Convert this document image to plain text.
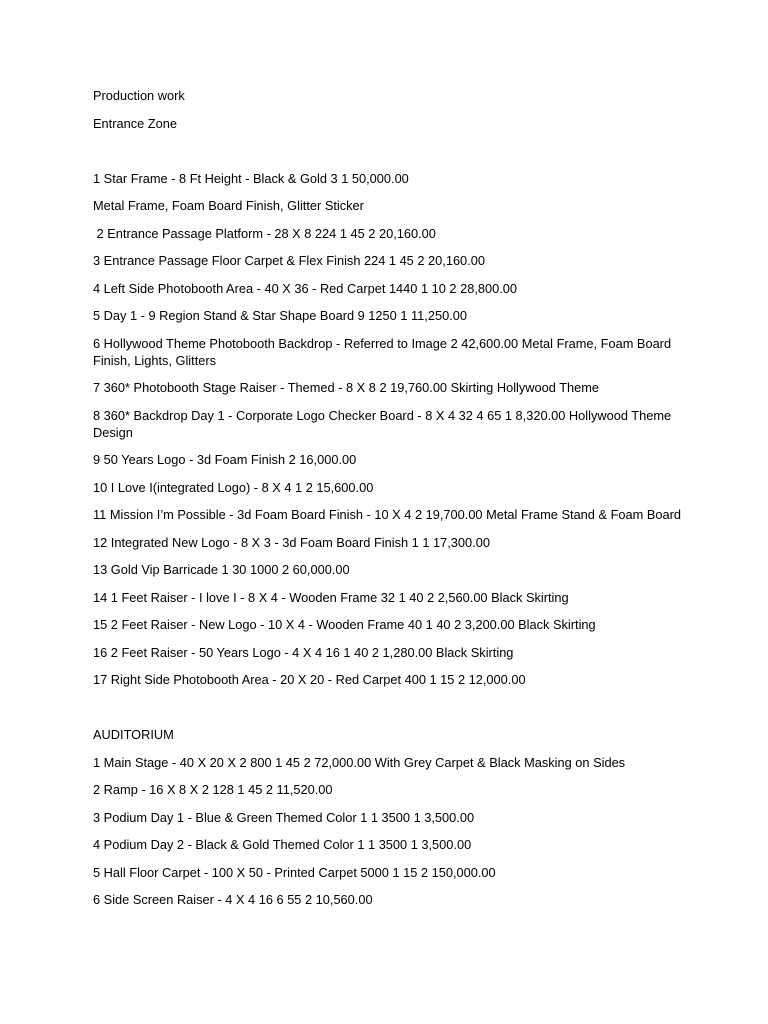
Production work

Entrance Zone

1 Star Frame - 8 Ft Height - Black & Gold 3 1 50,000.00

Metal Frame, Foam Board Finish, Glitter Sticker

2 Entrance Passage Platform - 28 X 8 224 1 45 2 20,160.00

3 Entrance Passage Floor Carpet & Flex Finish 224 1 45 2 20,160.00

4 Left Side Photobooth Area - 40 X 36 - Red Carpet 1440 1 10 2 28,800.00

5 Day 1 - 9 Region Stand & Star Shape Board 9 1250 1 11,250.00

6 Hollywood Theme Photobooth Backdrop - Referred to Image 2 42,600.00 Metal Frame, Foam Board Finish, Lights, Glitters

7 360* Photobooth Stage Raiser - Themed - 8 X 8 2 19,760.00 Skirting Hollywood Theme

8 360* Backdrop Day 1 - Corporate Logo Checker Board - 8 X 4 32 4 65 1 8,320.00 Hollywood Theme Design

9 50 Years Logo - 3d Foam Finish 2 16,000.00

10 I Love I(integrated Logo) - 8 X 4 1 2 15,600.00

11 Mission I’m Possible - 3d Foam Board Finish - 10 X 4 2 19,700.00 Metal Frame Stand & Foam Board

12 Integrated New Logo - 8 X 3 - 3d Foam Board Finish 1 1 17,300.00

13 Gold Vip Barricade 1 30 1000 2 60,000.00

14 1 Feet Raiser - I love I - 8 X 4 - Wooden Frame 32 1 40 2 2,560.00 Black Skirting

15 2 Feet Raiser - New Logo - 10 X 4 - Wooden Frame 40 1 40 2 3,200.00 Black Skirting

16 2 Feet Raiser - 50 Years Logo - 4 X 4 16 1 40 2 1,280.00 Black Skirting

17 Right Side Photobooth Area - 20 X 20 - Red Carpet 400 1 15 2 12,000.00

AUDITORIUM

1 Main Stage - 40 X 20 X 2 800 1 45 2 72,000.00 With Grey Carpet & Black Masking on Sides

2 Ramp - 16 X 8 X 2 128 1 45 2 11,520.00

3 Podium Day 1 - Blue & Green Themed Color 1 1 3500 1 3,500.00

4 Podium Day 2 - Black & Gold Themed Color 1 1 3500 1 3,500.00

5 Hall Floor Carpet - 100 X 50 - Printed Carpet 5000 1 15 2 150,000.00

6 Side Screen Raiser - 4 X 4 16 6 55 2 10,560.00
